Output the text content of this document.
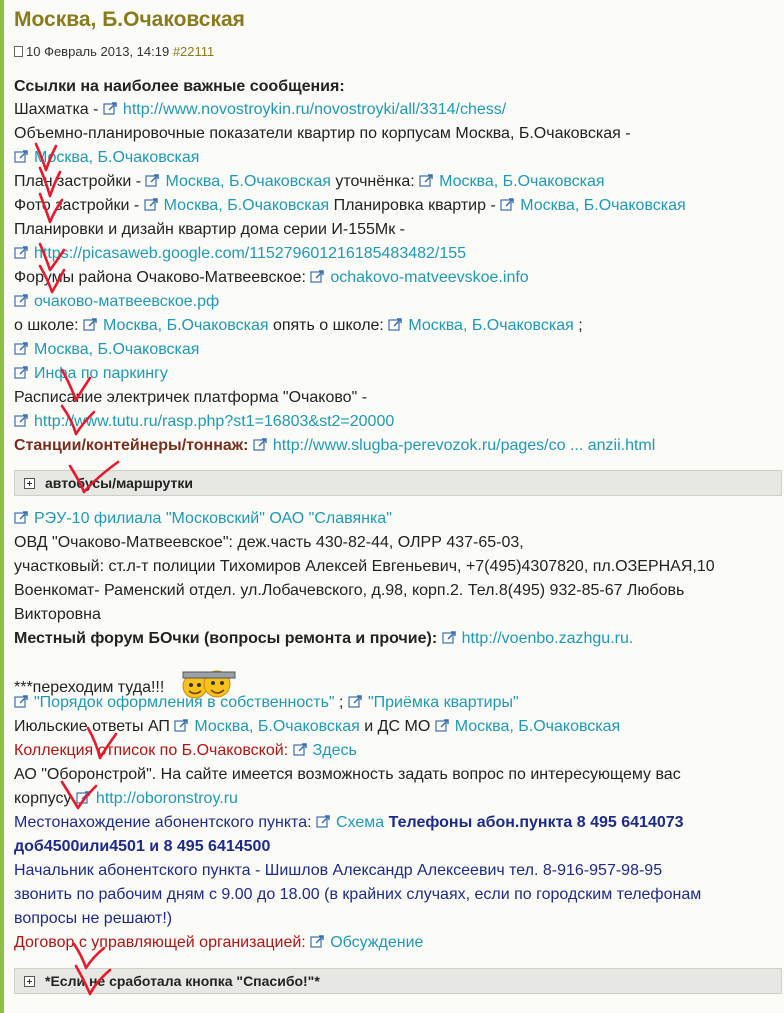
Москва, Б.Очаковская
10 Февраль 2013, 14:19 #22111
Ссылки на наиболее важные сообщения:
Шахматка - http://www.novostroykin.ru/novostroyki/all/3314/chess/
Объемно-планировочные показатели квартир по корпусам Москва, Б.Очаковская -
Москва, Б.Очаковская
План застройки - Москва, Б.Очаковская уточнёнка: Москва, Б.Очаковская
Фото застройки - Москва, Б.Очаковская Планировка квартир - Москва, Б.Очаковская
Планировки и дизайн квартир дома серии И-155Мк -
https://picasaweb.google.com/115279601216185483482/155
Форумы района Очаково-Матвеевское: ochakovo-matveevskoe.info
очаково-матвеевское.рф
о школе: Москва, Б.Очаковская опять о школе: Москва, Б.Очаковская ;
Москва, Б.Очаковская
Инфа по паркингу
Расписание электричек платформа "Очаково" -
http://www.tutu.ru/rasp.php?st1=16803&st2=20000
Станции/контейнеры/тоннаж: http://www.slugba-perevozok.ru/pages/co ... anzii.html
автобусы/маршрутки
РЭУ-10 филиала "Московский" ОАО "Славянка"
ОВД "Очаково-Матвеевское": деж.часть 430-82-44, ОЛРР 437-65-03,
участковый: ст.л-т полиции Тихомиров Алексей Евгеньевич, +7(495)4307820, пл.ОЗЕРНАЯ,10
Военкомат- Раменский отдел. ул.Лобачевского, д.98, корп.2. Тел.8(495) 932-85-67 Любовь
Викторовна
Местный форум БОчки (вопросы ремонта и прочие): http://voenbo.zazhgu.ru.
***переходим туда!!!
"Порядок оформления в собственность" ; "Приёмка квартиры"
Июльские ответы АП Москва, Б.Очаковская и ДС МО Москва, Б.Очаковская
Коллекция отписок по Б.Очаковской: Здесь
АО "Оборонстрой". На сайте имеется возможность задать вопрос по интересующему вас
корпусу http://oboronstroy.ru
Местонахождение абонентского пункта: Схема Телефоны абон.пункта 8 495 6414073
доб4500или4501 и 8 495 6414500
Начальник абонентского пункта - Шишлов Александр Алексеевич тел. 8-916-957-98-95
звонить по рабочим дням с 9.00 до 18.00 (в крайних случаях, если по городским телефонам
вопросы не решают!)
Договор с управляющей организацией: Обсуждение
*Если не сработала кнопка "Спасибо!"*
